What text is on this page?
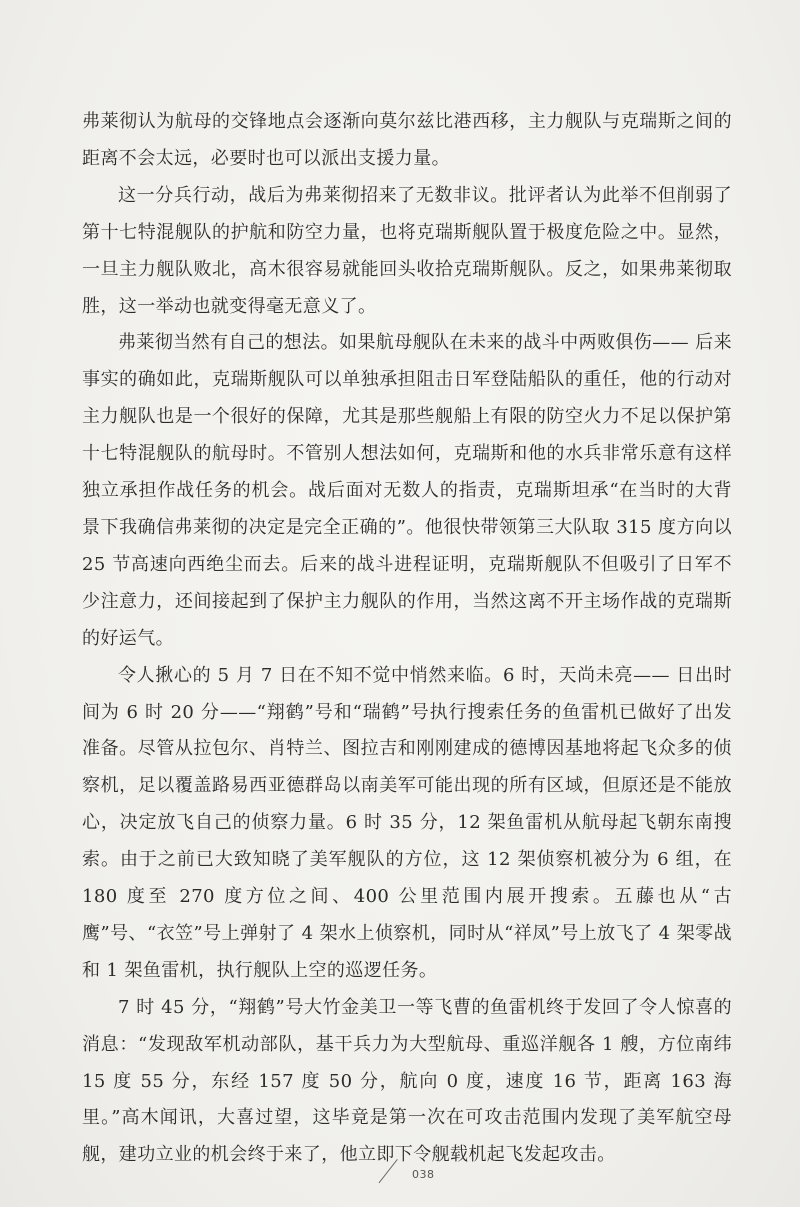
弗莱彻认为航母的交锋地点会逐渐向莫尔兹比港西移，主力舰队与克瑞斯之间的距离不会太远，必要时也可以派出支援力量。

这一分兵行动，战后为弗莱彻招来了无数非议。批评者认为此举不但削弱了第十七特混舰队的护航和防空力量，也将克瑞斯舰队置于极度危险之中。显然，一旦主力舰队败北，高木很容易就能回头收拾克瑞斯舰队。反之，如果弗莱彻取胜，这一举动也就变得毫无意义了。

弗莱彻当然有自己的想法。如果航母舰队在未来的战斗中两败俱伤—— 后来事实的确如此，克瑞斯舰队可以单独承担阻击日军登陆船队的重任，他的行动对主力舰队也是一个很好的保障，尤其是那些舰船上有限的防空火力不足以保护第十七特混舰队的航母时。不管别人想法如何，克瑞斯和他的水兵非常乐意有这样独立承担作战任务的机会。战后面对无数人的指责，克瑞斯坦承“在当时的大背景下我确信弗莱彻的决定是完全正确的”。他很快带领第三大队取 315 度方向以 25 节高速向西绝尘而去。后来的战斗进程证明，克瑞斯舰队不但吸引了日军不少注意力，还间接起到了保护主力舰队的作用，当然这离不开主场作战的克瑞斯的好运气。

令人揪心的 5 月 7 日在不知不觉中悄然来临。6 时，天尚未亮—— 日出时间为 6 时 20 分——“翔鹤”号和“瑞鹤”号执行搜索任务的鱼雷机已做好了出发准备。尽管从拉包尔、肖特兰、图拉吉和刚刚建成的德博因基地将起飞众多的侦察机，足以覆盖路易西亚德群岛以南美军可能出现的所有区域，但原还是不能放心，决定放飞自己的侦察力量。6 时 35 分，12 架鱼雷机从航母起飞朝东南搜索。由于之前已大致知晓了美军舰队的方位，这 12 架侦察机被分为 6 组，在 180 度至 270 度方位之间、400 公里范围内展开搜索。五藤也从“古鹰”号、“衣笠”号上弹射了 4 架水上侦察机，同时从“祥凤”号上放飞了 4 架零战和 1 架鱼雷机，执行舰队上空的巡逻任务。

7 时 45 分，“翔鹤”号大竹金美卫一等飞曹的鱼雷机终于发回了令人惊喜的消息：“发现敌军机动部队，基干兵力为大型航母、重巡洋舰各 1 艘，方位南纬 15 度 55 分，东经 157 度 50 分，航向 0 度，速度 16 节，距离 163 海里。”高木闻讯，大喜过望，这毕竟是第一次在可攻击范围内发现了美军航空母舰，建功立业的机会终于来了，他立即下令舰载机起飞发起攻击。

038
